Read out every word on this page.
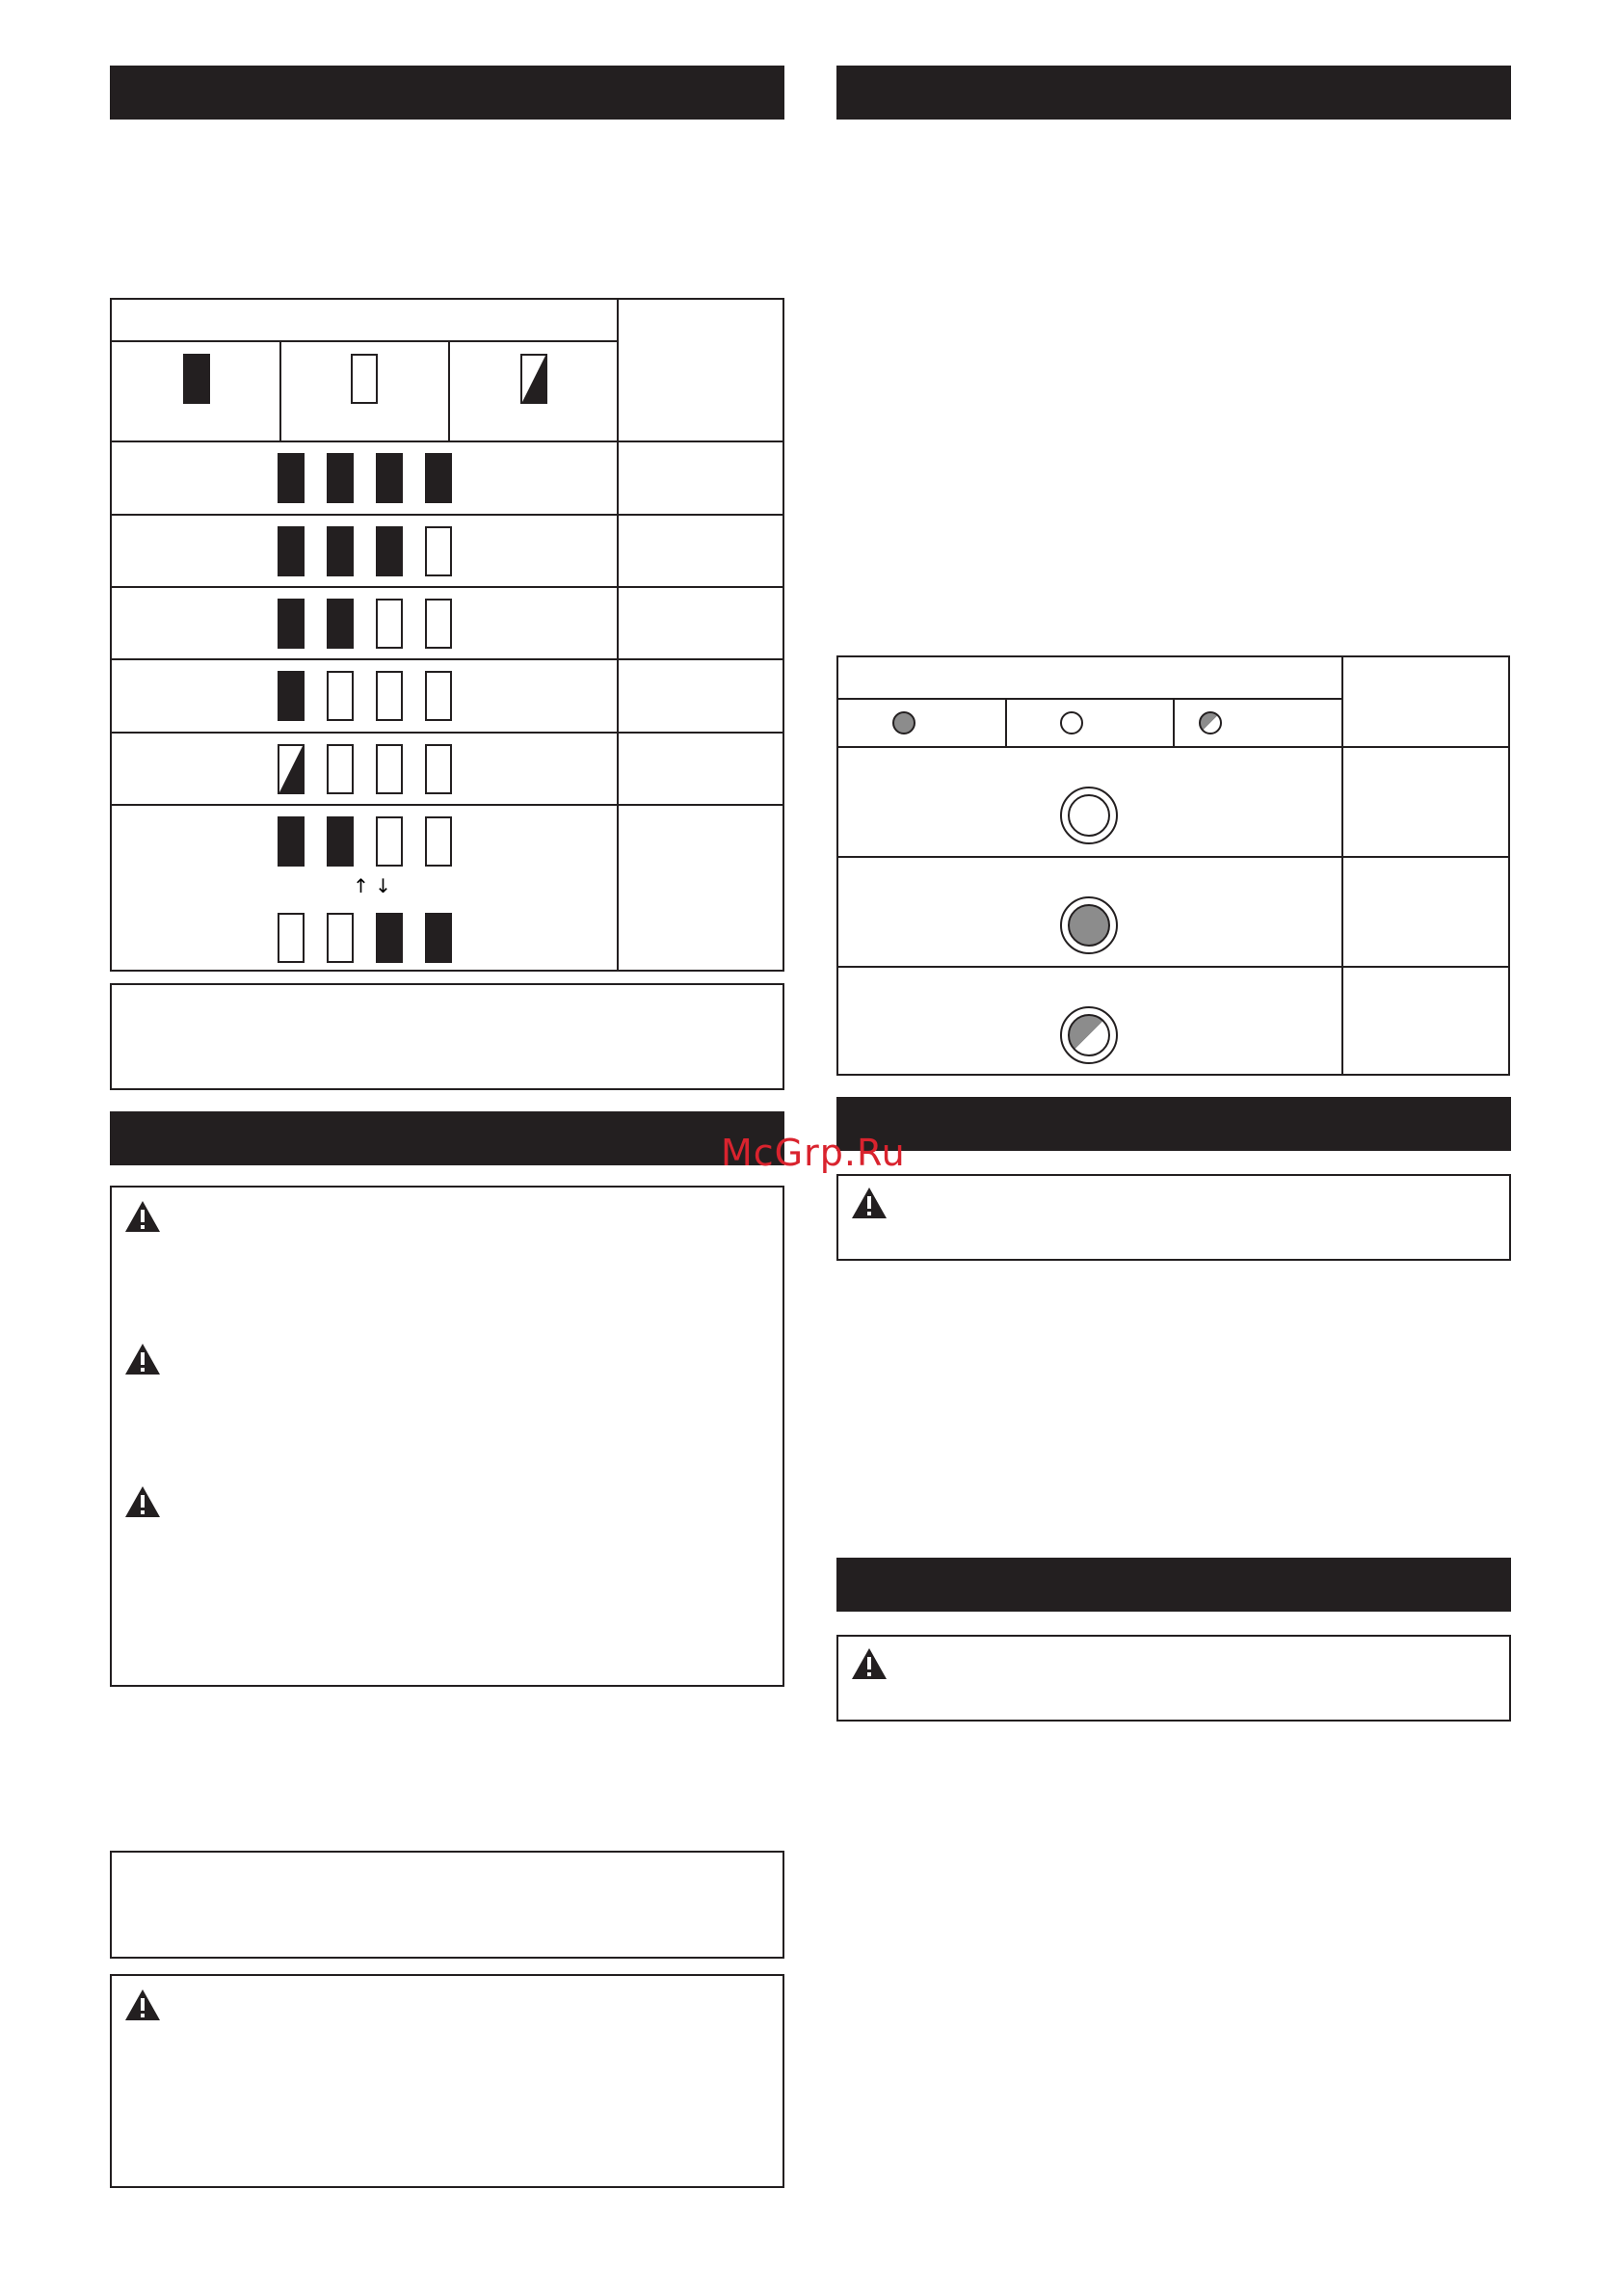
↑ ↓
McGrp.Ru
